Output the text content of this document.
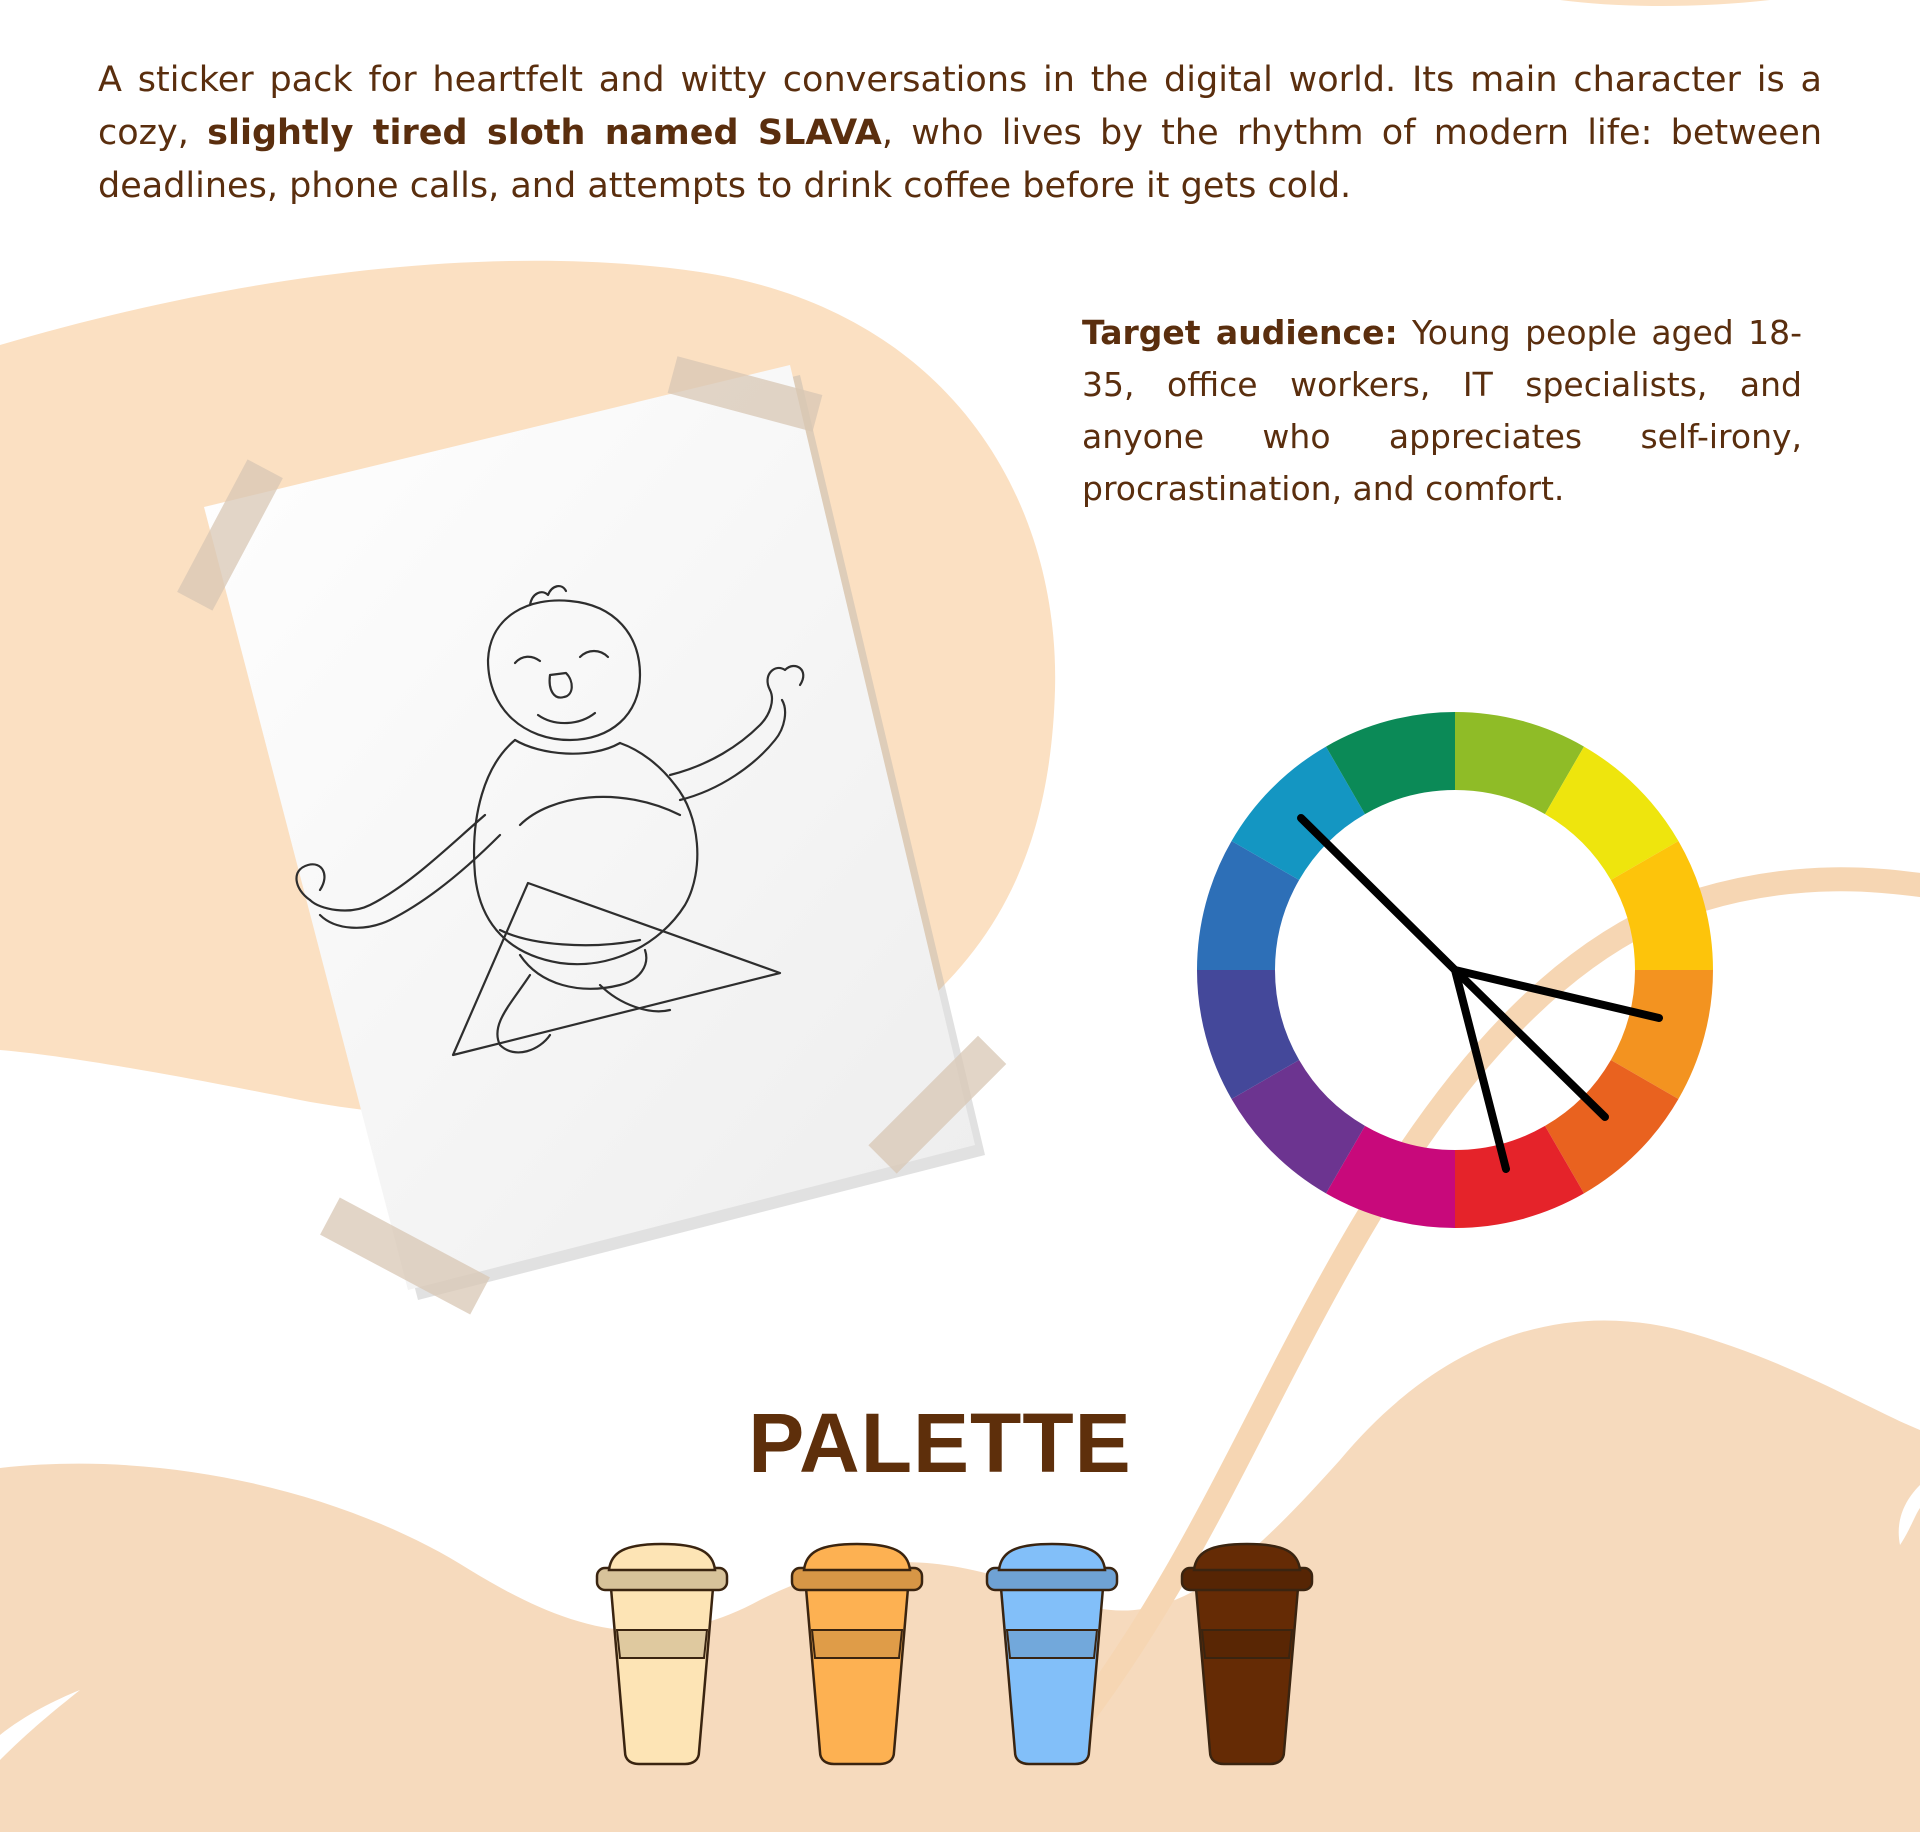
A sticker pack for heartfelt and witty conversations in the digital world. Its main character is a cozy, slightly tired sloth named SLAVA, who lives by the rhythm of modern life: between deadlines, phone calls, and attempts to drink coffee before it gets cold.

Target audience: Young people aged 18-35, office workers, IT specialists, and anyone who appreciates self-irony, procrastination, and comfort.

PALETTE
